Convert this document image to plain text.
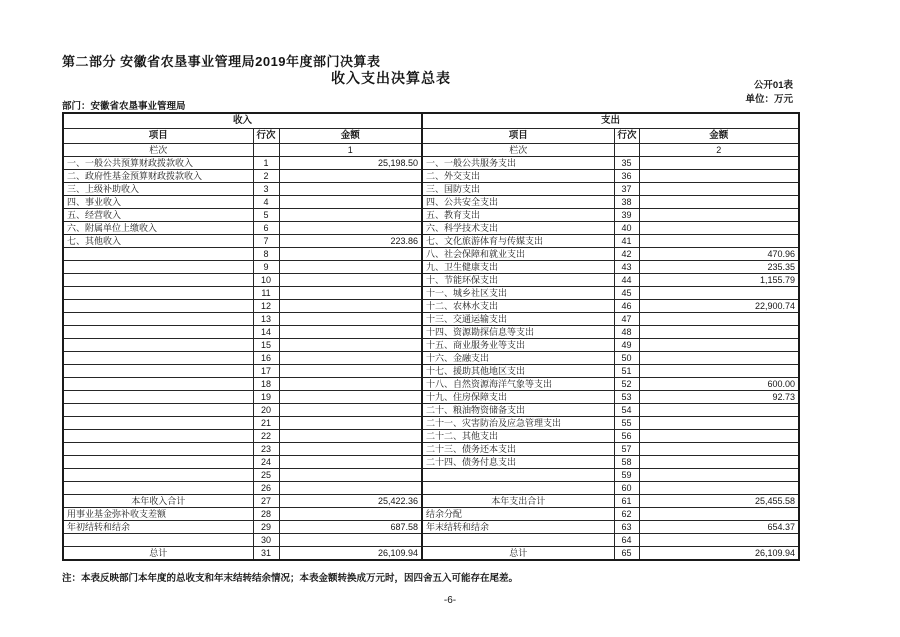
第二部分 安徽省农垦事业管理局2019年度部门决算表
收入支出决算总表	公开01表
单位：万元
部门：安徽省农垦事业管理局
收入			支出		
项目	行次	金额	项目	行次	金额
栏次		1	栏次		2
一、一般公共预算财政拨款收入	1	25,198.50	一、一般公共服务支出	35	
二、政府性基金预算财政拨款收入	2		二、外交支出	36	
三、上级补助收入	3		三、国防支出	37	
四、事业收入	4		四、公共安全支出	38	
五、经营收入	5		五、教育支出	39	
六、附属单位上缴收入	6		六、科学技术支出	40	
七、其他收入	7	223.86	七、文化旅游体育与传媒支出	41	
	8		八、社会保障和就业支出	42	470.96
	9		九、卫生健康支出	43	235.35
	10		十、节能环保支出	44	1,155.79
	11		十一、城乡社区支出	45	
	12		十二、农林水支出	46	22,900.74
	13		十三、交通运输支出	47	
	14		十四、资源勘探信息等支出	48	
	15		十五、商业服务业等支出	49	
	16		十六、金融支出	50	
	17		十七、援助其他地区支出	51	
	18		十八、自然资源海洋气象等支出	52	600.00
	19		十九、住房保障支出	53	92.73
	20		二十、粮油物资储备支出	54	
	21		二十一、灾害防治及应急管理支出	55	
	22		二十二、其他支出	56	
	23		二十三、债务还本支出	57	
	24		二十四、债务付息支出	58	
	25			59	
	26			60	
本年收入合计	27	25,422.36	本年支出合计	61	25,455.58
用事业基金弥补收支差额	28		结余分配	62	
年初结转和结余	29	687.58	年末结转和结余	63	654.37
	30			64	
总计	31	26,109.94	总计	65	26,109.94
注：本表反映部门本年度的总收支和年末结转结余情况；本表金额转换成万元时，因四舍五入可能存在尾差。
-6-
